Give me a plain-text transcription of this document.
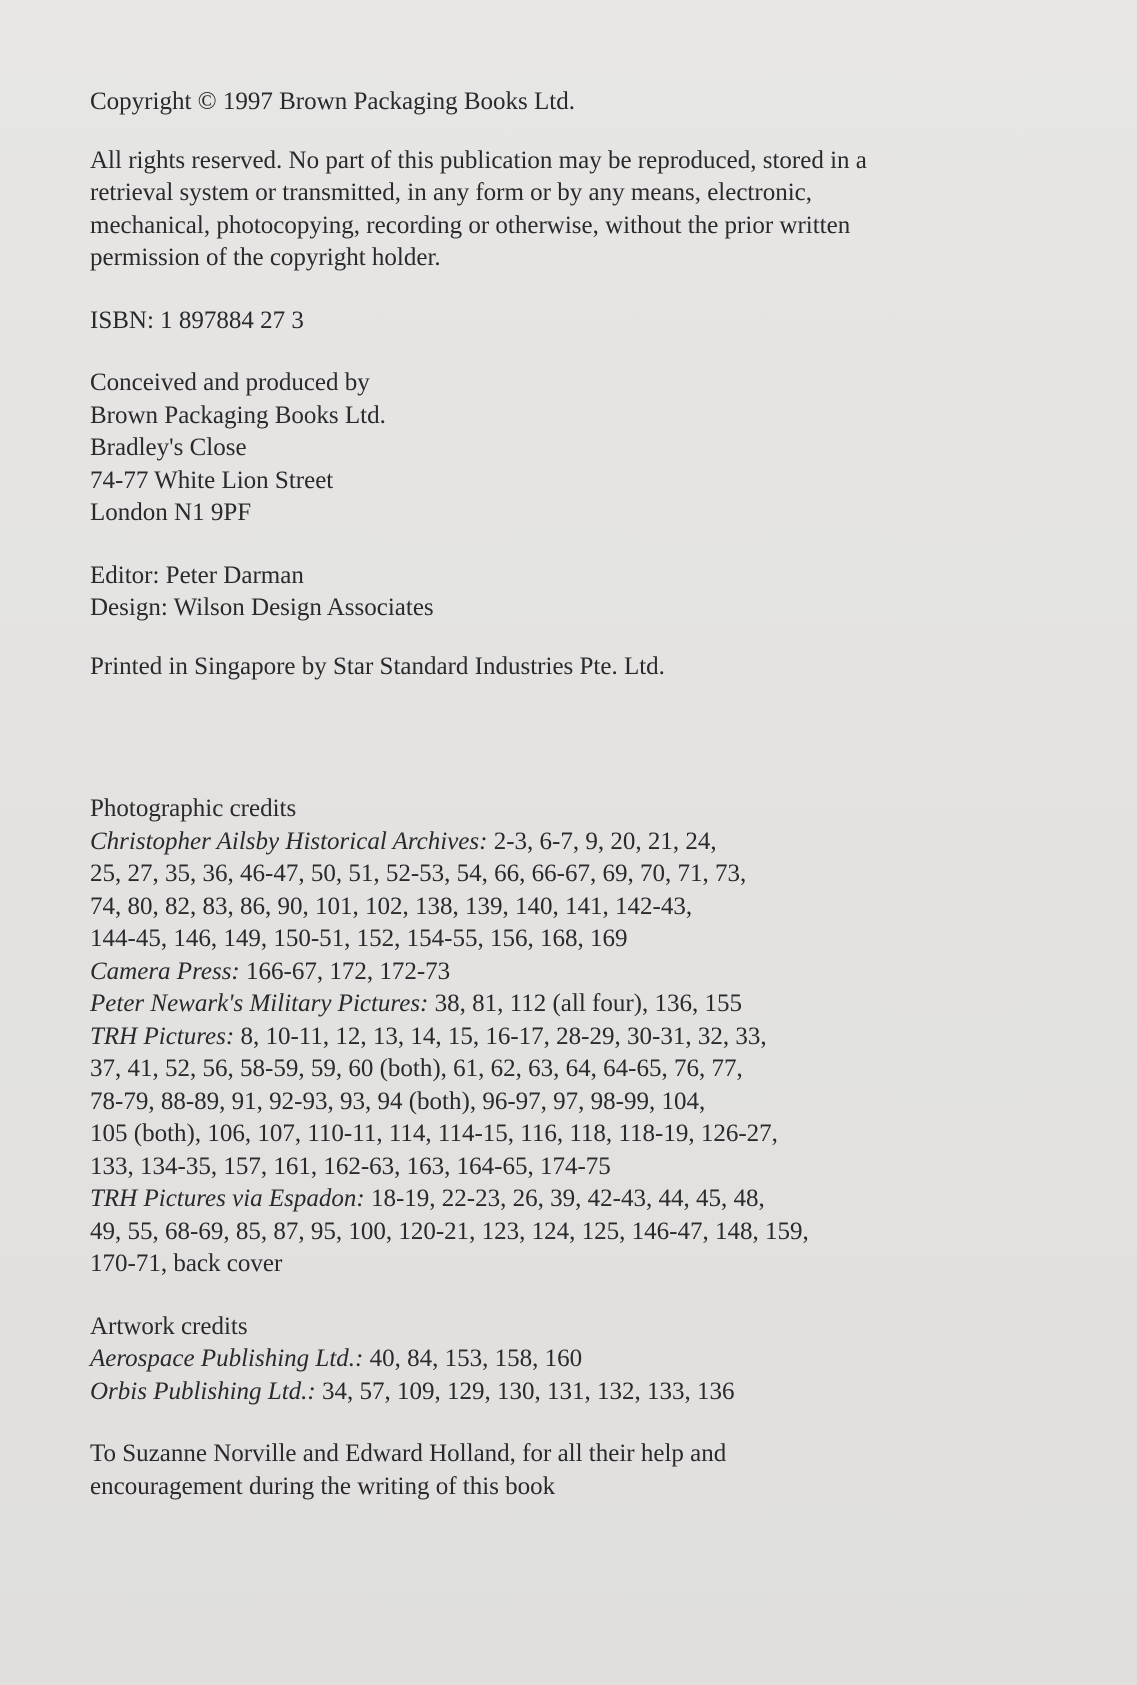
Copyright © 1997 Brown Packaging Books Ltd.

All rights reserved. No part of this publication may be reproduced, stored in a
retrieval system or transmitted, in any form or by any means, electronic,
mechanical, photocopying, recording or otherwise, without the prior written
permission of the copyright holder.

ISBN: 1 897884 27 3

Conceived and produced by
Brown Packaging Books Ltd.
Bradley's Close
74-77 White Lion Street
London N1 9PF

Editor: Peter Darman
Design: Wilson Design Associates

Printed in Singapore by Star Standard Industries Pte. Ltd.

Photographic credits
Christopher Ailsby Historical Archives: 2-3, 6-7, 9, 20, 21, 24,
25, 27, 35, 36, 46-47, 50, 51, 52-53, 54, 66, 66-67, 69, 70, 71, 73,
74, 80, 82, 83, 86, 90, 101, 102, 138, 139, 140, 141, 142-43,
144-45, 146, 149, 150-51, 152, 154-55, 156, 168, 169
Camera Press: 166-67, 172, 172-73
Peter Newark's Military Pictures: 38, 81, 112 (all four), 136, 155
TRH Pictures: 8, 10-11, 12, 13, 14, 15, 16-17, 28-29, 30-31, 32, 33,
37, 41, 52, 56, 58-59, 59, 60 (both), 61, 62, 63, 64, 64-65, 76, 77,
78-79, 88-89, 91, 92-93, 93, 94 (both), 96-97, 97, 98-99, 104,
105 (both), 106, 107, 110-11, 114, 114-15, 116, 118, 118-19, 126-27,
133, 134-35, 157, 161, 162-63, 163, 164-65, 174-75
TRH Pictures via Espadon: 18-19, 22-23, 26, 39, 42-43, 44, 45, 48,
49, 55, 68-69, 85, 87, 95, 100, 120-21, 123, 124, 125, 146-47, 148, 159,
170-71, back cover
Artwork credits
Aerospace Publishing Ltd.: 40, 84, 153, 158, 160
Orbis Publishing Ltd.: 34, 57, 109, 129, 130, 131, 132, 133, 136

To Suzanne Norville and Edward Holland, for all their help and
encouragement during the writing of this book
